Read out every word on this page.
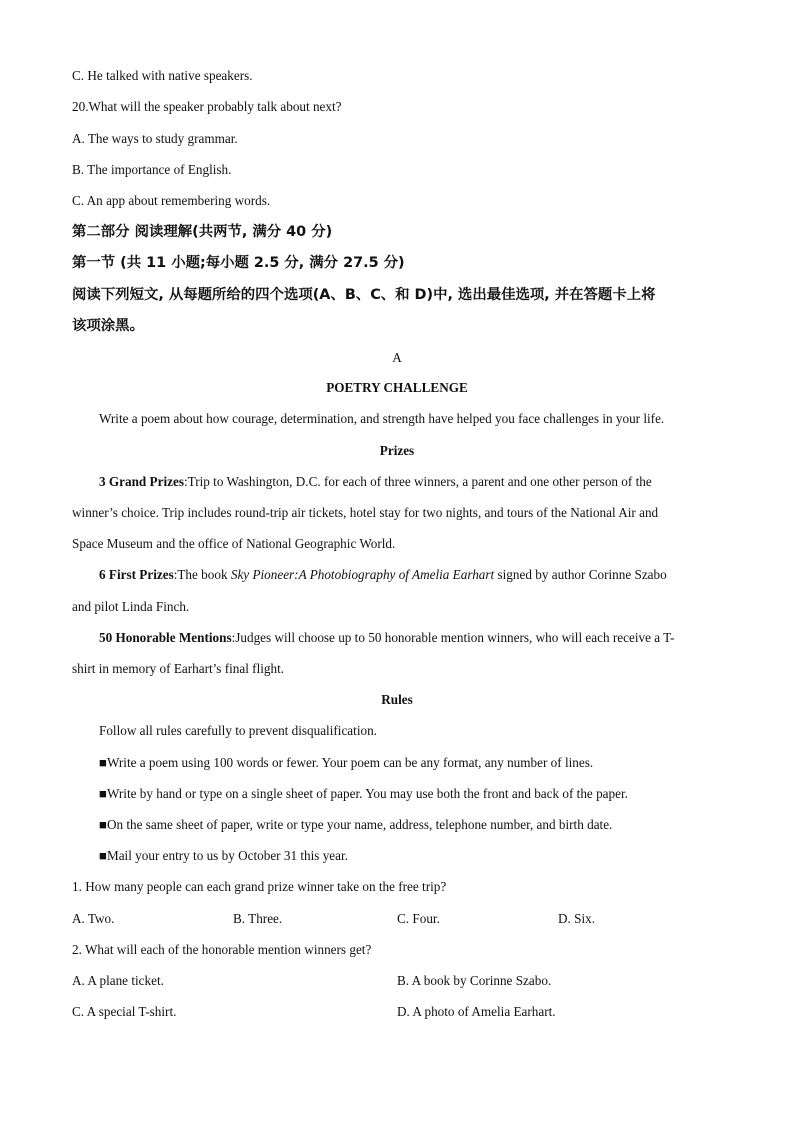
C. He talked with native speakers.
20.What will the speaker probably talk about next?
A. The ways to study grammar.
B. The importance of English.
C. An app about remembering words.
第二部分 阅读理解(共两节, 满分 40 分)
第一节 (共 11 小题;每小题 2.5 分, 满分 27.5 分)
阅读下列短文, 从每题所给的四个选项(A、B、C、和 D)中, 选出最佳选项, 并在答题卡上将
该项涂黑。
A
POETRY CHALLENGE
Write a poem about how courage, determination, and strength have helped you face challenges in your life.
Prizes
3 Grand Prizes:Trip to Washington, D.C. for each of three winners, a parent and one other person of the
winner’s choice. Trip includes round-trip air tickets, hotel stay for two nights, and tours of the National Air and
Space Museum and the office of National Geographic World.
6 First Prizes:The book Sky Pioneer:A Photobiography of Amelia Earhart signed by author Corinne Szabo
and pilot Linda Finch.
50 Honorable Mentions:Judges will choose up to 50 honorable mention winners, who will each receive a T-
shirt in memory of Earhart’s final flight.
Rules
Follow all rules carefully to prevent disqualification.
■Write a poem using 100 words or fewer. Your poem can be any format, any number of lines.
■Write by hand or type on a single sheet of paper. You may use both the front and back of the paper.
■On the same sheet of paper, write or type your name, address, telephone number, and birth date.
■Mail your entry to us by October 31 this year.
1. How many people can each grand prize winner take on the free trip?
A. Two.	B. Three.	C. Four.	D. Six.
2. What will each of the honorable mention winners get?
A. A plane ticket.	B. A book by Corinne Szabo.
C. A special T-shirt.	D. A photo of Amelia Earhart.
